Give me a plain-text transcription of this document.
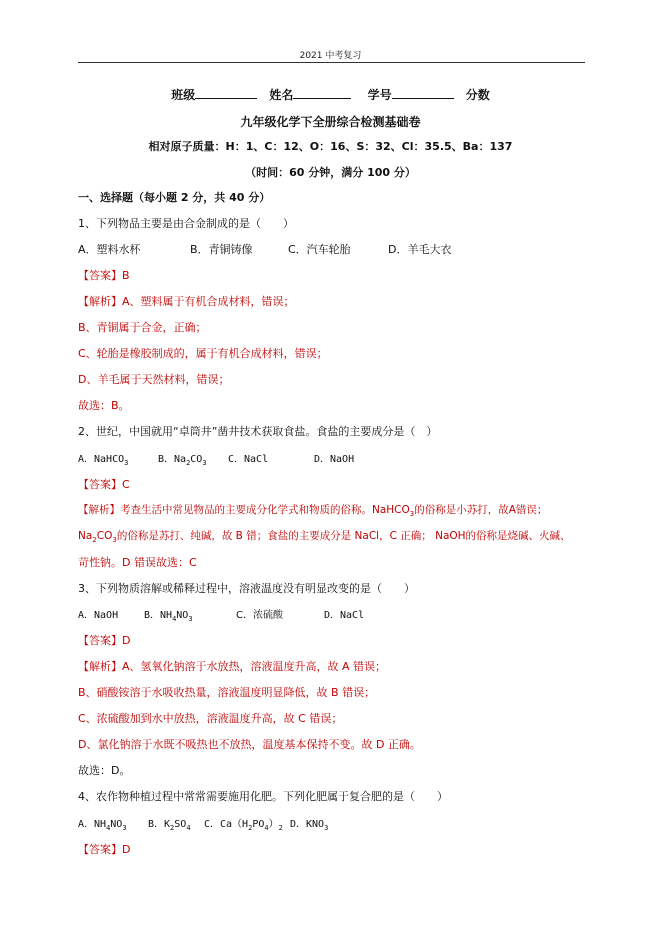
2021 中考复习
班级	姓名	学号	分数
九年级化学下全册综合检测基础卷
相对原子质量：H：1、C：12、O：16、S：32、Cl：35.5、Ba：137
（时间：60 分钟，满分 100 分）
一、选择题（每小题 2 分，共 40 分）
1、下列物品主要是由合金制成的是（　　）
A．塑料水杯	B．青铜铸像	C．汽车轮胎	D．羊毛大衣
【答案】B
【解析】A、塑料属于有机合成材料，错误；
B、青铜属于合金，正确；
C、轮胎是橡胶制成的，属于有机合成材料，错误；
D、羊毛属于天然材料，错误；
故选：B。
2、世纪，中国就用“卓筒井”凿井技术获取食盐。食盐的主要成分是（　）
A．NaHCO$_3$	B．$Na_2CO_3$ C．NaCl	D．NaOH
【答案】C
【解析】考查生活中常见物品的主要成分化学式和物质的俗称。NaHCO$_3$的俗称是小苏打，故A错误；
$Na_2CO_3$的俗称是苏打、纯碱，故 B 错；食盐的主要成分是 NaCl，C 正确； NaOH的俗称是烧碱、火碱、
苛性钠。D 错误故选：C
3、下列物质溶解或稀释过程中，溶液温度没有明显改变的是（　　）
A．NaOH	B．$NH_4NO_3$	C．浓硫酸	D．NaCl
【答案】D
【解析】A、氢氧化钠溶于水放热，溶液温度升高，故 A 错误；
B、硝酸铵溶于水吸收热量，溶液温度明显降低，故 B 错误；
C、浓硫酸加到水中放热，溶液温度升高，故 C 错误；
D、氯化钠溶于水既不吸热也不放热，温度基本保持不变。故 D 正确。
故选：D。
4、农作物种植过程中常常需要施用化肥。下列化肥属于复合肥的是（　　）
A．$NH_4NO_3$ B．$K_2SO_4$ C．$Ca(H_2PO_4)_2$ D．$KNO_3$
【答案】D
